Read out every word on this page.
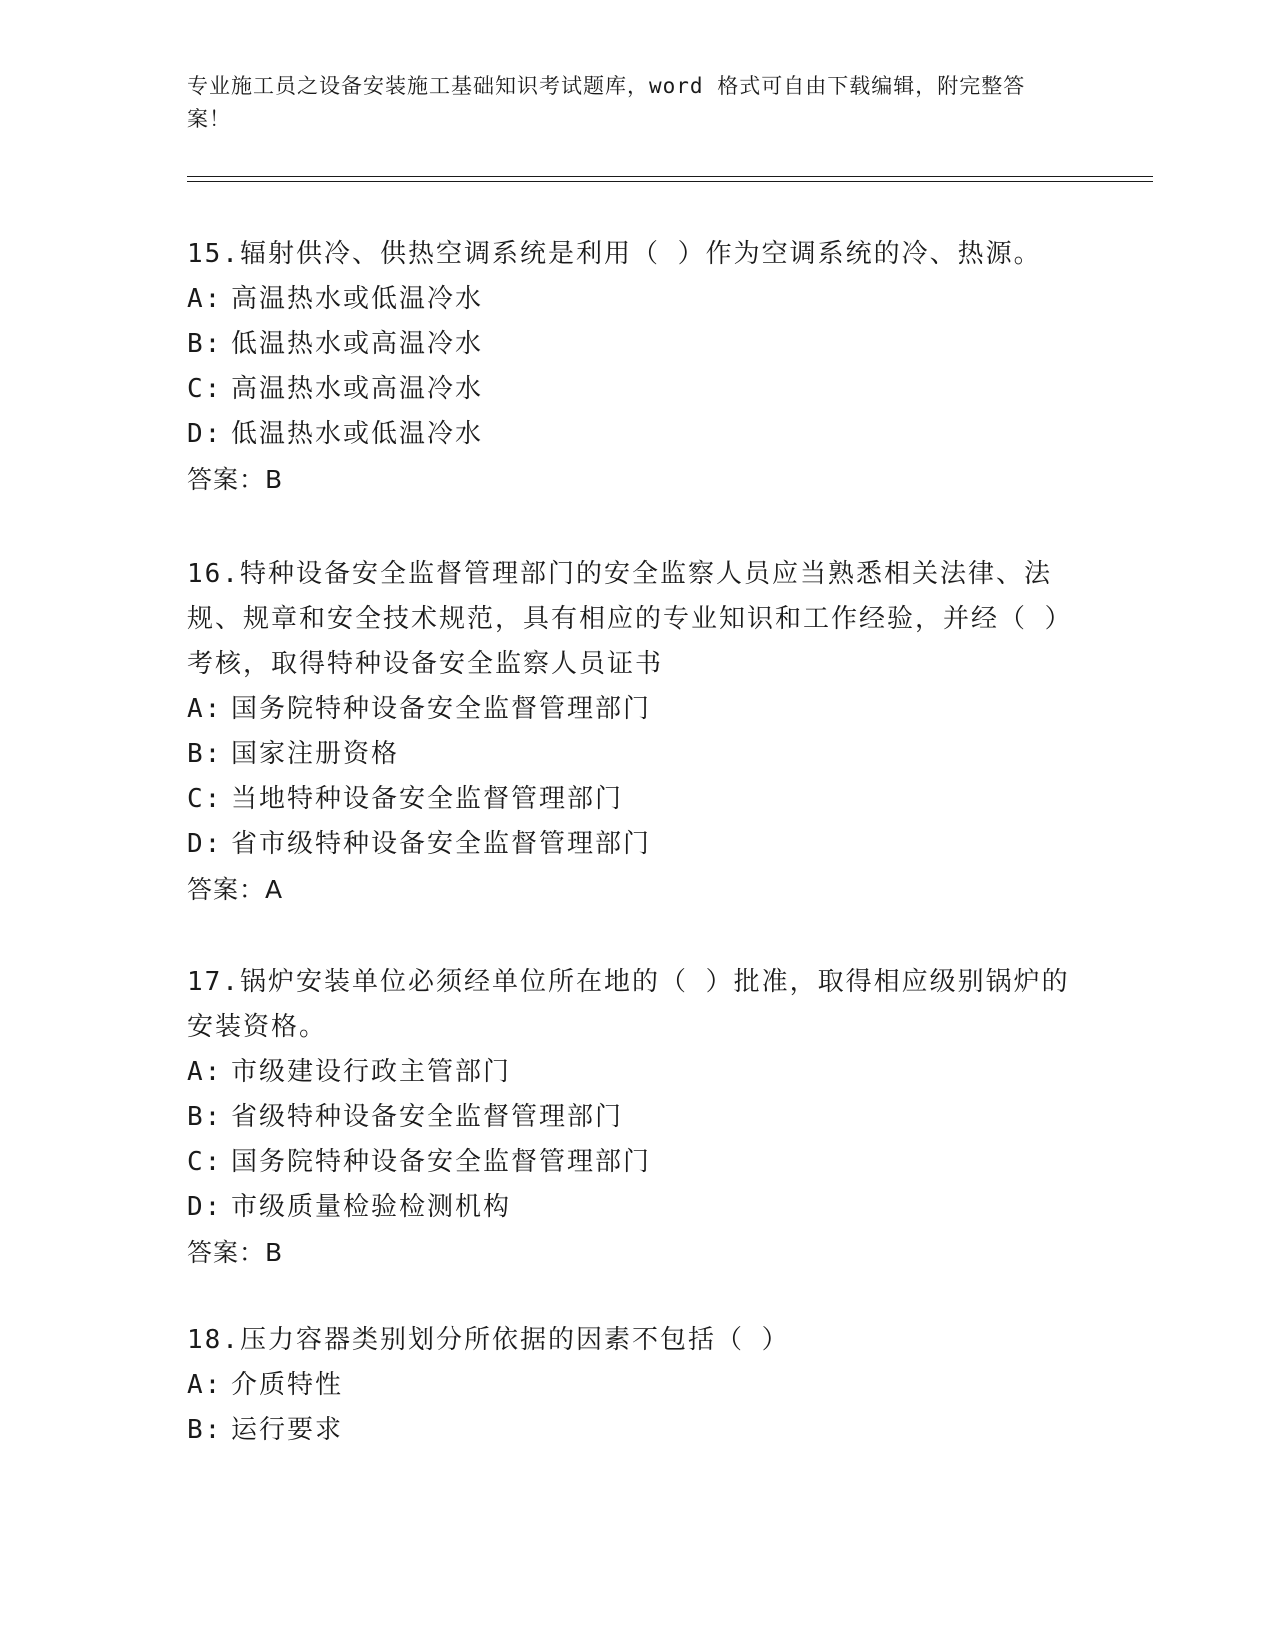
专业施工员之设备安装施工基础知识考试题库，word 格式可自由下载编辑，附完整答案！
15.辐射供冷、供热空调系统是利用（ ）作为空调系统的冷、热源。
A: 高温热水或低温冷水
B: 低温热水或高温冷水
C: 高温热水或高温冷水
D: 低温热水或低温冷水
答案：B
16.特种设备安全监督管理部门的安全监察人员应当熟悉相关法律、法规、规章和安全技术规范，具有相应的专业知识和工作经验，并经（ ）考核，取得特种设备安全监察人员证书
A: 国务院特种设备安全监督管理部门
B: 国家注册资格
C: 当地特种设备安全监督管理部门
D: 省市级特种设备安全监督管理部门
答案：A
17.锅炉安装单位必须经单位所在地的（ ）批准，取得相应级别锅炉的安装资格。
A: 市级建设行政主管部门
B: 省级特种设备安全监督管理部门
C: 国务院特种设备安全监督管理部门
D: 市级质量检验检测机构
答案：B
18.压力容器类别划分所依据的因素不包括（ ）
A: 介质特性
B: 运行要求
